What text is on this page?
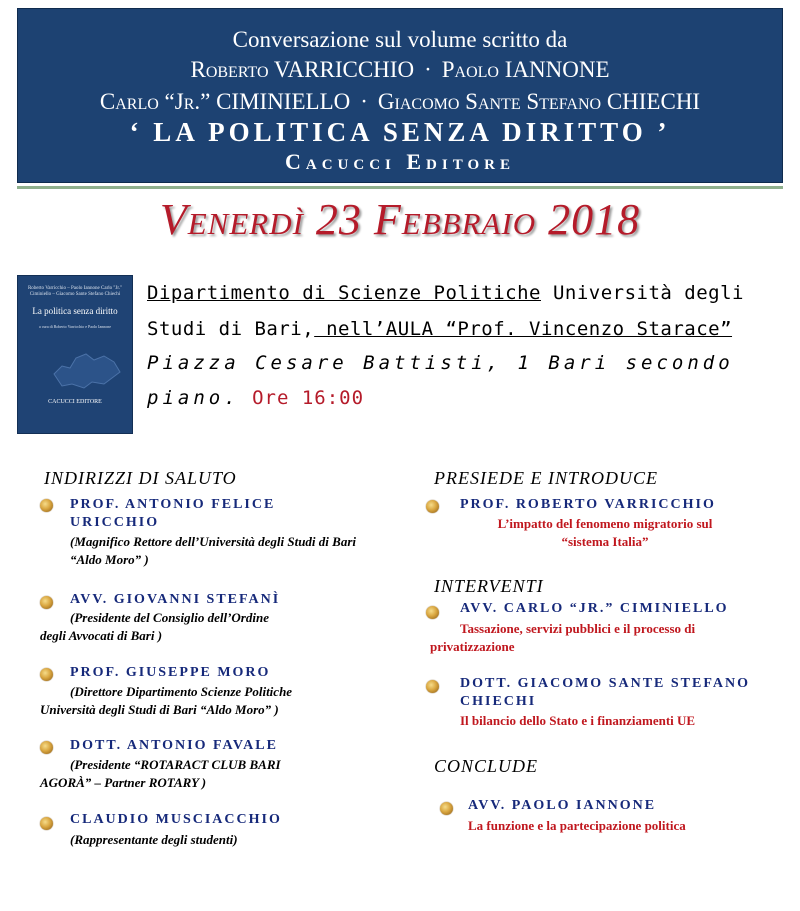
Conversazione sul volume scritto da
Roberto VARRICCHIO · Paolo IANNONE
Carlo “Jr.” CIMINIELLO · Giacomo Sante Stefano CHIECHI
‘ LA POLITICA SENZA DIRITTO ’
Cacucci Editore
Venerdì 23 Febbraio 2018
Roberto Varricchio – Paolo Iannone Carlo "Jr." Ciminiello – Giacomo Sante Stefano Chiechi
La politica senza diritto
a cura di Roberto Varricchio e Paolo Iannone
CACUCCI EDITORE
Dipartimento di Scienze Politiche Università degli
Studi di Bari, nell’AULA “Prof. Vincenzo Starace”
Piazza Cesare Battisti, 1 Bari secondo
piano. Ore 16:00
INDIRIZZI DI SALUTO
PROF. ANTONIO FELICE
URICCHIO
(Magnifico Rettore dell’Università degli Studi di Bari “Aldo Moro” )
AVV. GIOVANNI STEFANÌ
(Presidente del Consiglio dell’Ordine
degli Avvocati di Bari )
PROF. GIUSEPPE MORO
(Direttore Dipartimento Scienze Politiche
Università degli Studi di Bari “Aldo Moro” )
DOTT. ANTONIO FAVALE
(Presidente “ROTARACT CLUB BARI
AGORÀ” – Partner ROTARY )
CLAUDIO MUSCIACCHIO
(Rappresentante degli studenti)
PRESIEDE E INTRODUCE
PROF. ROBERTO VARRICCHIO
L’impatto del fenomeno migratorio sul
“sistema Italia”
INTERVENTI
AVV. CARLO “JR.” CIMINIELLO
Tassazione, servizi pubblici e il processo di
privatizzazione
DOTT. GIACOMO SANTE STEFANO
CHIECHI
Il bilancio dello Stato e i finanziamenti UE
CONCLUDE
AVV. PAOLO IANNONE
La funzione e la partecipazione politica
